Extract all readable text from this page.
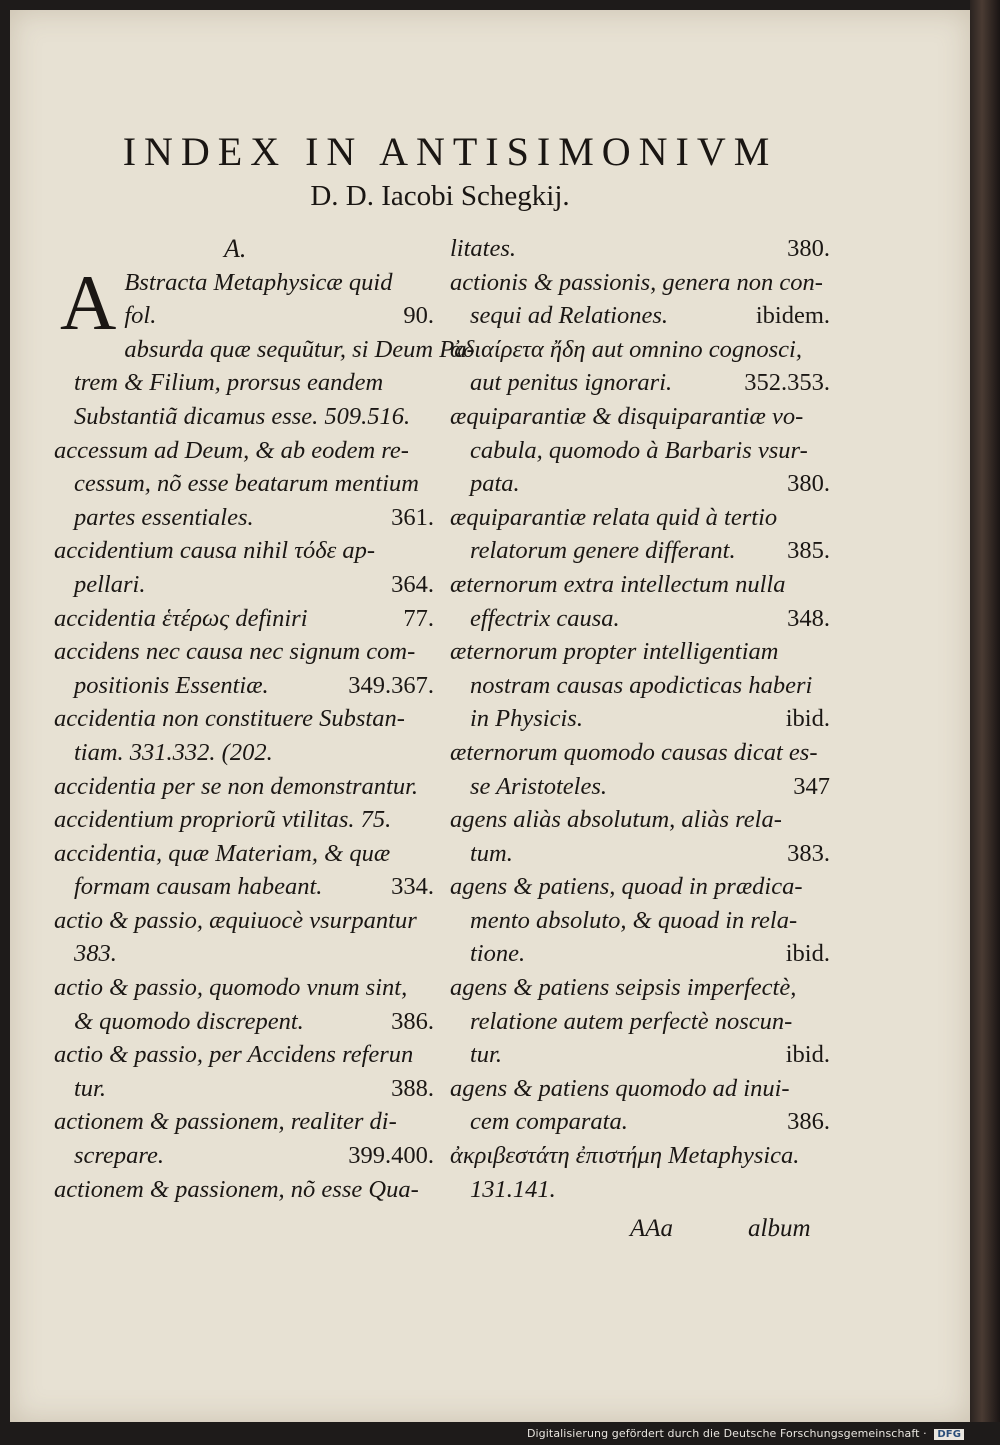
INDEX IN ANTISIMONIVM
D. D. Iacobi Schegkij.
A.
A Bstracta Metaphysicæ quid
fol.	90.
absurda quæ sequũtur, si Deum Pa-
trem & Filium, prorsus eandem
Substantiã dicamus esse. 509.516.
accessum ad Deum, & ab eodem re-
cessum, nõ esse beatarum mentium
partes essentiales.	361.
accidentium causa nihil τόδε ap-
pellari.	364.
accidentia ἑτέρως definiri	77.
accidens nec causa nec signum com-
positionis Essentiæ.	349.367.
accidentia non constituere Substan-
tiam. 331.332. (202.
accidentia per se non demonstrantur.
accidentium propriorũ vtilitas. 75.
accidentia, quæ Materiam, & quæ
formam causam habeant.	334.
actio & passio, æquiuocè vsurpantur
383.
actio & passio, quomodo vnum sint,
& quomodo discrepent.	386.
actio & passio, per Accidens referun
tur.	388.
actionem & passionem, realiter di-
screpare.	399.400.
actionem & passionem, nõ esse Qua-
litates.	380.
actionis & passionis, genera non con-
sequi ad Relationes.	ibidem.
ἀδιαίρετα ἤδη aut omnino cognosci,
aut penitus ignorari.	352.353.
æquiparantiæ & disquiparantiæ vo-
cabula, quomodo à Barbaris vsur-
pata.	380.
æquiparantiæ relata quid à tertio
relatorum genere differant.	385.
æternorum extra intellectum nulla
effectrix causa.	348.
æternorum propter intelligentiam
nostram causas apodicticas haberi
in Physicis.	ibid.
æternorum quomodo causas dicat es-
se Aristoteles.	347
agens aliàs absolutum, aliàs rela-
tum.	383.
agens & patiens, quoad in prædica-
mento absoluto, & quoad in rela-
tione.	ibid.
agens & patiens seipsis imperfectè,
relatione autem perfectè noscun-
tur.	ibid.
agens & patiens quomodo ad inui-
cem comparata.	386.
ἀκριβεστάτη ἐπιστήμη Metaphysica.
131.141.
AAa	album
Digitalisierung gefördert durch die Deutsche Forschungsgemeinschaft · DFG
